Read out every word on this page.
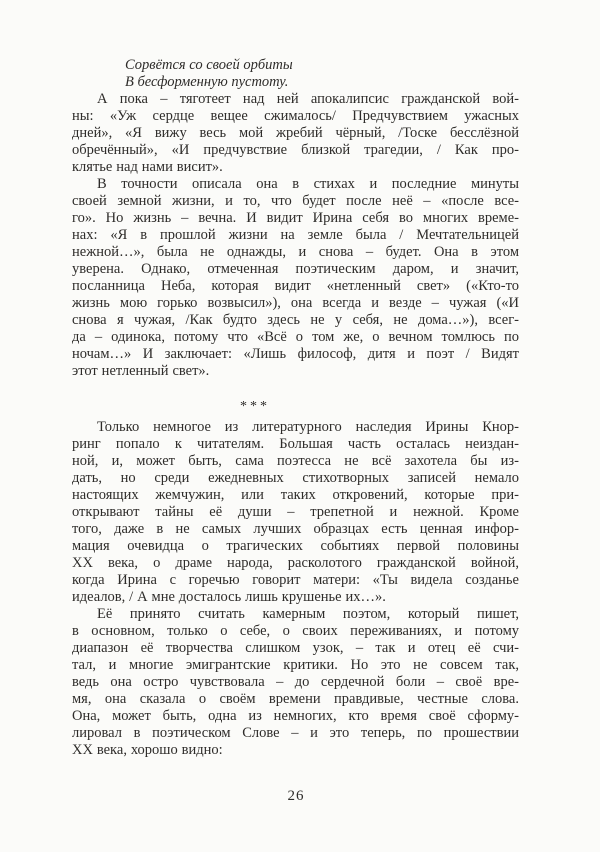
Сорвётся со своей орбиты
В бесформенную пустоту.
А пока – тяготеет над ней апокалипсис гражданской вой-
ны: «Уж сердце вещее сжималось/ Предчувствием ужасных
дней», «Я вижу весь мой жребий чёрный, /Тоске бесслёзной
обречённый», «И предчувствие близкой трагедии, / Как про-
клятье над нами висит».
В точности описала она в стихах и последние минуты
своей земной жизни, и то, что будет после неё – «после все-
го». Но жизнь – вечна. И видит Ирина себя во многих време-
нах: «Я в прошлой жизни на земле была / Мечтательницей
нежной…», была не однажды, и снова – будет. Она в этом
уверена. Однако, отмеченная поэтическим даром, и значит,
посланница Неба, которая видит «нетленный свет» («Кто-то
жизнь мою горько возвысил»), она всегда и везде – чужая («И
снова я чужая, /Как будто здесь не у себя, не дома…»), всег-
да – одинока, потому что «Всё о том же, о вечном томлюсь по
ночам…» И заключает: «Лишь философ, дитя и поэт / Видят
этот нетленный свет».
***
Только немногое из литературного наследия Ирины Кнор-
ринг попало к читателям. Большая часть осталась неиздан-
ной, и, может быть, сама поэтесса не всё захотела бы из-
дать, но среди ежедневных стихотворных записей немало
настоящих жемчужин, или таких откровений, которые при-
открывают тайны её души – трепетной и нежной. Кроме
того, даже в не самых лучших образцах есть ценная инфор-
мация очевидца о трагических событиях первой половины
ХХ века, о драме народа, расколотого гражданской войной,
когда Ирина с горечью говорит матери: «Ты видела созданье
идеалов, / А мне досталось лишь крушенье их…».
Её принято считать камерным поэтом, который пишет,
в основном, только о себе, о своих переживаниях, и потому
диапазон её творчества слишком узок, – так и отец её счи-
тал, и многие эмигрантские критики. Но это не совсем так,
ведь она остро чувствовала – до сердечной боли – своё вре-
мя, она сказала о своём времени правдивые, честные слова.
Она, может быть, одна из немногих, кто время своё сформу-
лировал в поэтическом Слове – и это теперь, по прошествии
ХХ века, хорошо видно:
26
